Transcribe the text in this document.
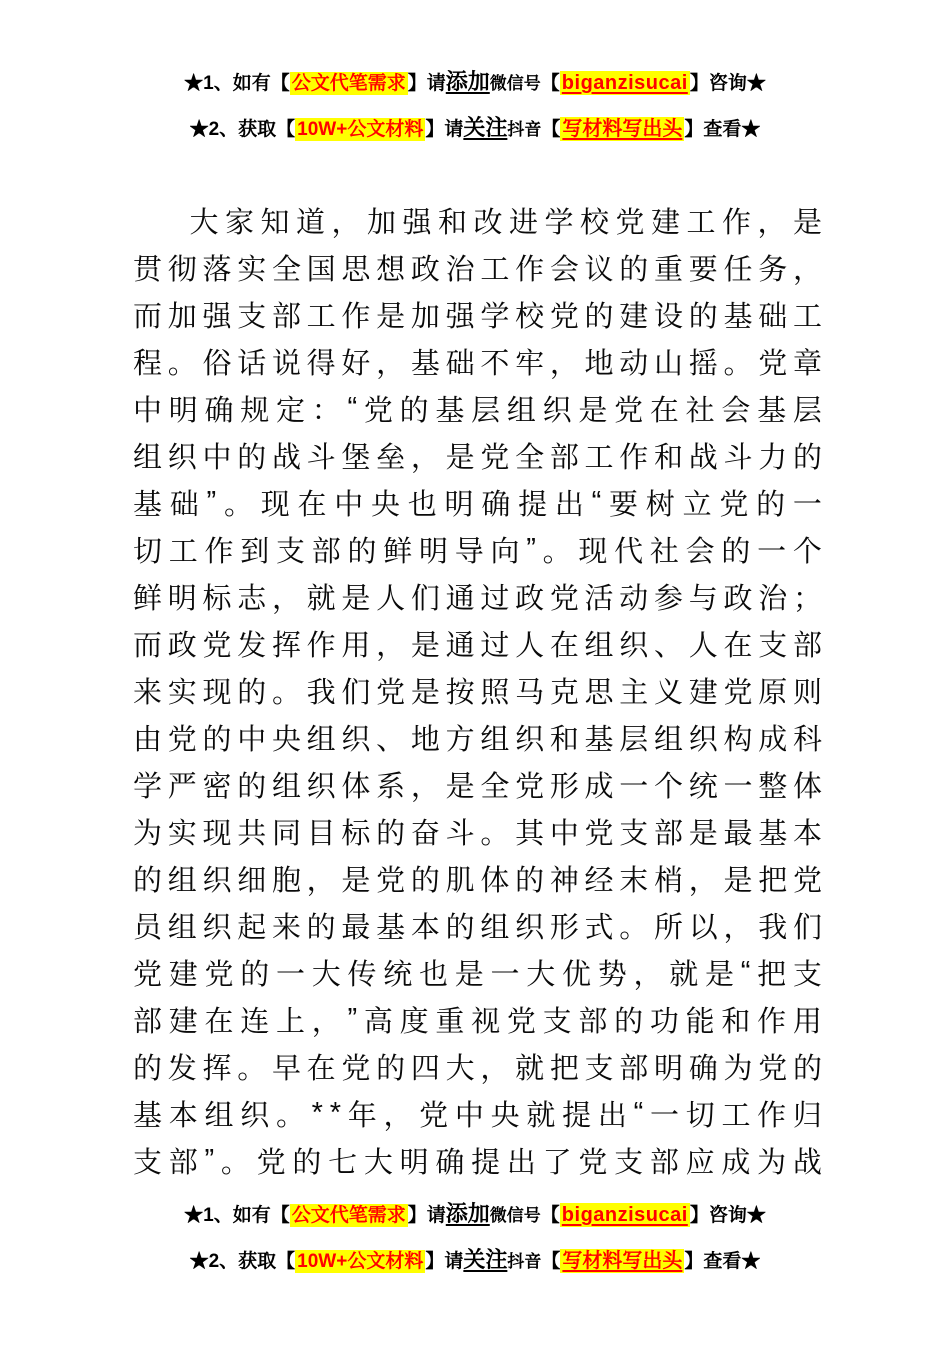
★1、如有【 公文代笔需求 】请添加微信号【 biganzisucai 】咨询★
★2、获取【 10W+公文材料 】请关注抖音【 写材料写出头 】查看★
大 家 知 道 ， 加 强 和 改 进 学 校 党 建 工 作 ， 是
贯 彻 落 实 全 国 思 想 政 治 工 作 会 议 的 重 要 任 务 ，
而 加 强 支 部 工 作 是 加 强 学 校 党 的 建 设 的 基 础 工
程 。 俗 话 说 得 好 ， 基 础 不 牢 ， 地 动 山 摇 。 党 章
中 明 确 规 定 ： “ 党 的 基 层 组 织 是 党 在 社 会 基 层
组 织 中 的 战 斗 堡 垒 ， 是 党 全 部 工 作 和 战 斗 力 的
基 础 ” 。 现 在 中 央 也 明 确 提 出 “ 要 树 立 党 的 一
切 工 作 到 支 部 的 鲜 明 导 向 ” 。 现 代 社 会 的 一 个
鲜 明 标 志 ， 就 是 人 们 通 过 政 党 活 动 参 与 政 治 ；
而 政 党 发 挥 作 用 ， 是 通 过 人 在 组 织 、 人 在 支 部
来 实 现 的 。 我 们 党 是 按 照 马 克 思 主 义 建 党 原 则
由 党 的 中 央 组 织 、 地 方 组 织 和 基 层 组 织 构 成 科
学 严 密 的 组 织 体 系 ， 是 全 党 形 成 一 个 统 一 整 体
为 实 现 共 同 目 标 的 奋 斗 。 其 中 党 支 部 是 最 基 本
的 组 织 细 胞 ， 是 党 的 肌 体 的 神 经 末 梢 ， 是 把 党
员 组 织 起 来 的 最 基 本 的 组 织 形 式 。 所 以 ， 我 们
党 建 党 的 一 大 传 统 也 是 一 大 优 势 ， 就 是 “ 把 支
部 建 在 连 上 ， ” 高 度 重 视 党 支 部 的 功 能 和 作 用
的 发 挥 。 早 在 党 的 四 大 ， 就 把 支 部 明 确 为 党 的
基 本 组 织 。 * * 年 ， 党 中 央 就 提 出 “ 一 切 工 作 归
支 部 ” 。 党 的 七 大 明 确 提 出 了 党 支 部 应 成 为 战
★1、如有【 公文代笔需求 】请添加微信号【 biganzisucai 】咨询★
★2、获取【 10W+公文材料 】请关注抖音【 写材料写出头 】查看★
